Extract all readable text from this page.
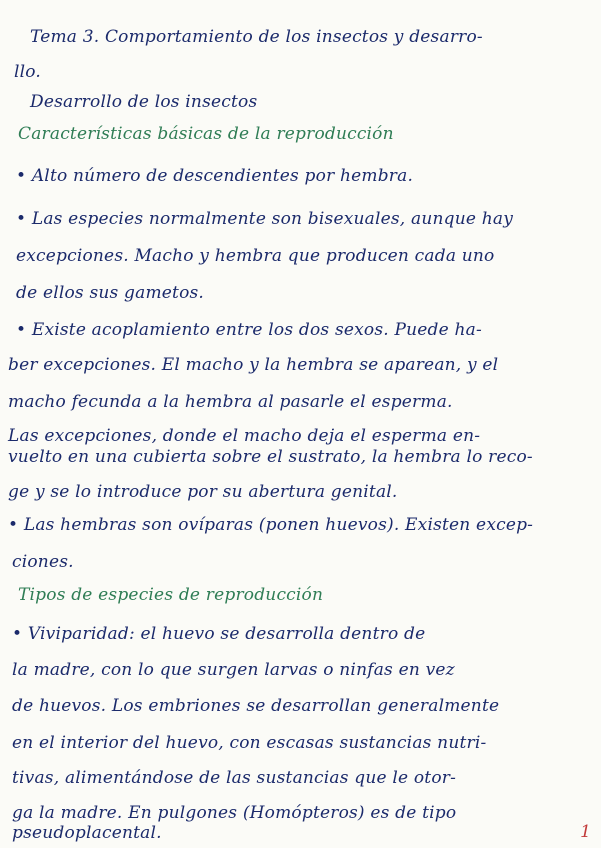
Tema 3. Comportamiento de los insectos y desarro-
llo.
Desarrollo de los insectos
Características básicas de la reproducción
• Alto número de descendientes por hembra.
• Las especies normalmente son bisexuales, aunque hay
excepciones. Macho y hembra que producen cada uno
de ellos sus gametos.
• Existe acoplamiento entre los dos sexos. Puede ha-
ber excepciones. El macho y la hembra se aparean, y el
macho fecunda a la hembra al pasarle el esperma.
Las excepciones, donde el macho deja el esperma en-
vuelto en una cubierta sobre el sustrato, la hembra lo reco-
ge y se lo introduce por su abertura genital.
• Las hembras son ovíparas (ponen huevos). Existen excep-
ciones.
Tipos de especies de reproducción
• Viviparidad: el huevo se desarrolla dentro de
la madre, con lo que surgen larvas o ninfas en vez
de huevos. Los embriones se desarrollan generalmente
en el interior del huevo, con escasas sustancias nutri-
tivas, alimentándose de las sustancias que le otor-
ga la madre. En pulgones (Homópteros) es de tipo
pseudoplacental.	1
